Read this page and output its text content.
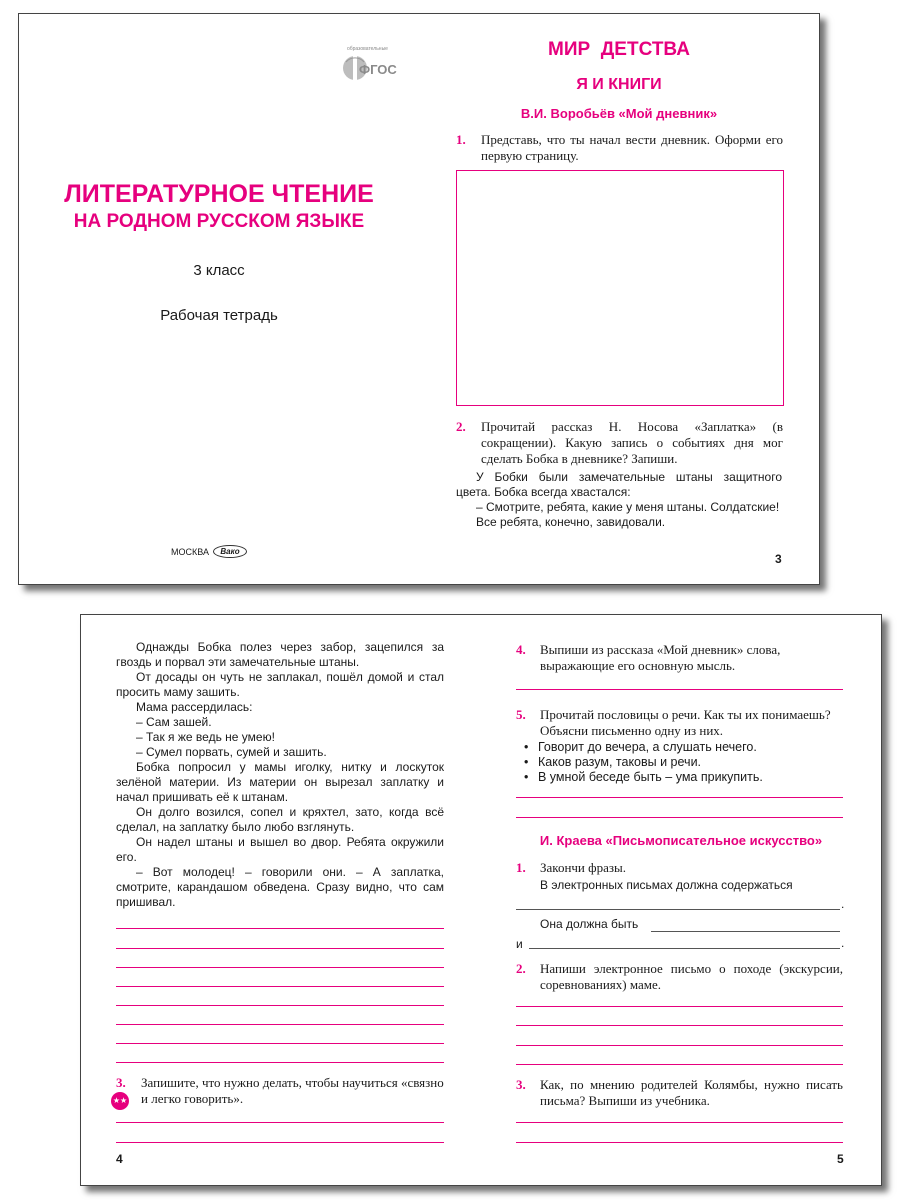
ФГОС
образовательные
ЛИТЕРАТУРНОЕ ЧТЕНИЕ
НА РОДНОМ РУССКОМ ЯЗЫКЕ
3 класс
Рабочая тетрадь
МОСКВА Вако
МИР  ДЕТСТВА
Я И КНИГИ
В.И. Воробьёв «Мой дневник»
1. Представь, что ты начал вести дневник. Оформи его первую страницу.
2. Прочитай рассказ Н. Носова «Заплатка» (в сокращении). Какую запись о событиях дня мог сделать Бобка в дневнике? Запиши.

У Бобки были замечательные штаны защитного цвета. Бобка всегда хвастался:

– Смотрите, ребята, какие у меня штаны. Солдатские!

Все ребята, конечно, завидовали.

3

Однажды Бобка полез через забор, зацепился за гвоздь и порвал эти замечательные штаны.

От досады он чуть не заплакал, пошёл домой и стал просить маму зашить.

Мама рассердилась:

– Сам зашей.

– Так я же ведь не умею!

– Сумел порвать, сумей и зашить.

Бобка попросил у мамы иголку, нитку и лоскуток зелёной материи. Из материи он вырезал заплатку и начал пришивать её к штанам.

Он долго возился, сопел и кряхтел, зато, когда всё сделал, на заплатку было любо взглянуть.

Он надел штаны и вышел во двор. Ребята окружили его.

– Вот молодец! – говорили они. – А заплатка, смотрите, карандашом обведена. Сразу видно, что сам пришивал.

3.
★★
Запишите, что нужно делать, чтобы научиться «связно и легко говорить».
4
4. Выпиши из рассказа «Мой дневник» слова, выражающие его основную мысль.
5. Прочитай пословицы о речи. Как ты их понимаешь? Объясни письменно одну из них.
• Говорит до вечера, а слушать нечего.
• Каков разум, таковы и речи.
• В умной беседе быть – ума прикупить.
И. Краева «Письмописательное искусство»
1. Закончи фразы.
В электронных письмах должна содержаться
.
Она должна быть
и	.
2. Напиши электронное письмо о походе (экскурсии, соревнованиях) маме.
3. Как, по мнению родителей Колямбы, нужно писать письма? Выпиши из учебника.
5
